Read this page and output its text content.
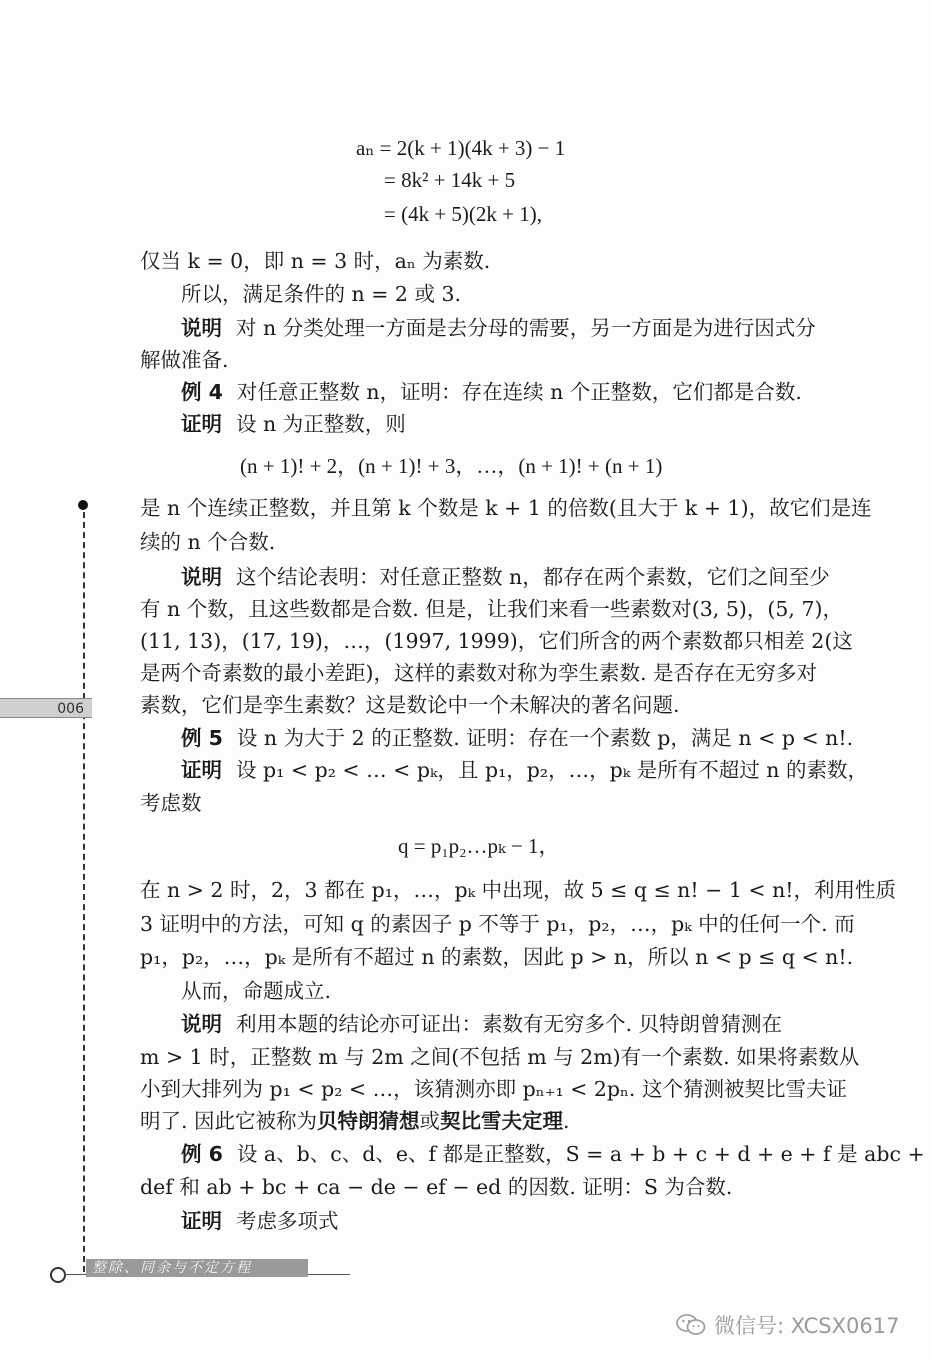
aₙ = 2(k + 1)(4k + 3) − 1
= 8k² + 14k + 5
= (4k + 5)(2k + 1),
仅当 k = 0，即 n = 3 时，aₙ 为素数.
所以，满足条件的 n = 2 或 3.
说明 对 n 分类处理一方面是去分母的需要，另一方面是为进行因式分
解做准备.
例 4 对任意正整数 n，证明：存在连续 n 个正整数，它们都是合数.
证明 设 n 为正整数，则
(n + 1)! + 2，(n + 1)! + 3，…，(n + 1)! + (n + 1)
是 n 个连续正整数，并且第 k 个数是 k + 1 的倍数(且大于 k + 1)，故它们是连
续的 n 个合数.
说明 这个结论表明：对任意正整数 n，都存在两个素数，它们之间至少
有 n 个数，且这些数都是合数. 但是，让我们来看一些素数对(3, 5)，(5, 7)，
(11, 13)，(17, 19)，…，(1997, 1999)，它们所含的两个素数都只相差 2(这
是两个奇素数的最小差距)，这样的素数对称为孪生素数. 是否存在无穷多对
素数，它们是孪生素数？这是数论中一个未解决的著名问题.
例 5 设 n 为大于 2 的正整数. 证明：存在一个素数 p，满足 n < p < n!.
证明 设 p₁ < p₂ < … < pₖ，且 p₁，p₂，…，pₖ 是所有不超过 n 的素数，
考虑数
q = p₁p₂…pₖ − 1，
在 n > 2 时，2，3 都在 p₁，…，pₖ 中出现，故 5 ≤ q ≤ n! − 1 < n!，利用性质
3 证明中的方法，可知 q 的素因子 p 不等于 p₁，p₂，…，pₖ 中的任何一个. 而
p₁，p₂，…，pₖ 是所有不超过 n 的素数，因此 p > n，所以 n < p ≤ q < n!.
从而，命题成立.
说明 利用本题的结论亦可证出：素数有无穷多个. 贝特朗曾猜测在
m > 1 时，正整数 m 与 2m 之间(不包括 m 与 2m)有一个素数. 如果将素数从
小到大排列为 p₁ < p₂ < …，该猜测亦即 pₙ₊₁ < 2pₙ. 这个猜测被契比雪夫证
明了. 因此它被称为贝特朗猜想或契比雪夫定理.
例 6 设 a、b、c、d、e、f 都是正整数，S = a + b + c + d + e + f 是 abc +
def 和 ab + bc + ca − de − ef − ed 的因数. 证明：S 为合数.
证明 考虑多项式
006
整除、同余与不定方程
微信号: XCSX0617
